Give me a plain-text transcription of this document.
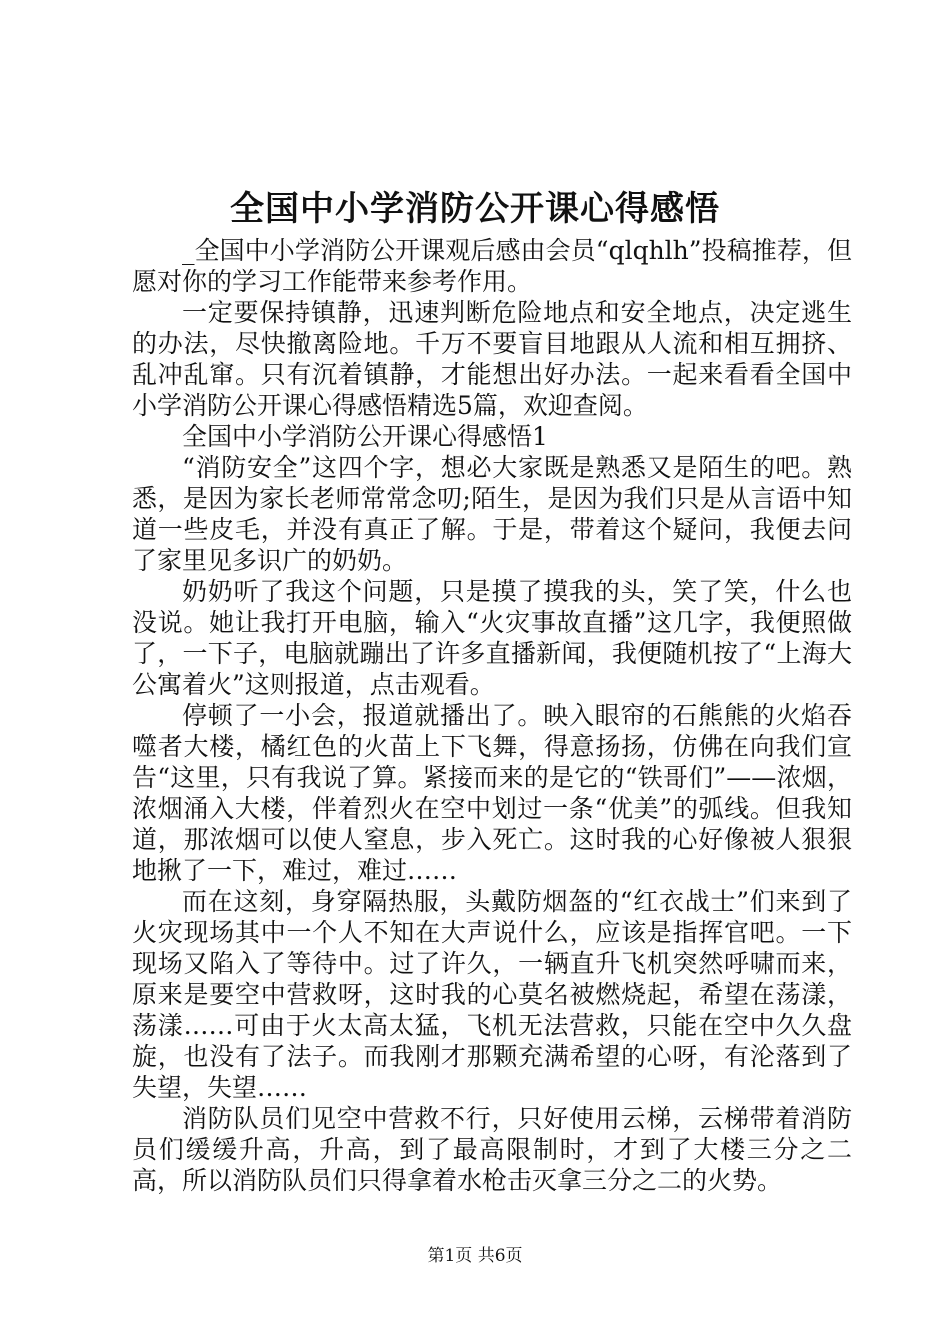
全国中小学消防公开课心得感悟

_全国中小学消防公开课观后感由会员“qlqhlh”投稿推荐，但愿对你的学习工作能带来参考作用。

一定要保持镇静，迅速判断危险地点和安全地点，决定逃生的办法，尽快撤离险地。千万不要盲目地跟从人流和相互拥挤、乱冲乱窜。只有沉着镇静，才能想出好办法。一起来看看全国中小学消防公开课心得感悟精选5篇，欢迎查阅。

全国中小学消防公开课心得感悟1

“消防安全”这四个字，想必大家既是熟悉又是陌生的吧。熟悉，是因为家长老师常常念叨;陌生，是因为我们只是从言语中知道一些皮毛，并没有真正了解。于是，带着这个疑问，我便去问了家里见多识广的奶奶。

奶奶听了我这个问题，只是摸了摸我的头，笑了笑，什么也没说。她让我打开电脑，输入“火灾事故直播”这几字，我便照做了，一下子，电脑就蹦出了许多直播新闻，我便随机按了“上海大公寓着火”这则报道，点击观看。

停顿了一小会，报道就播出了。映入眼帘的石熊熊的火焰吞噬者大楼，橘红色的火苗上下飞舞，得意扬扬，仿佛在向我们宣告“这里，只有我说了算。紧接而来的是它的“铁哥们”——浓烟，浓烟涌入大楼，伴着烈火在空中划过一条“优美”的弧线。但我知道，那浓烟可以使人窒息，步入死亡。这时我的心好像被人狠狠地揪了一下，难过，难过……

而在这刻，身穿隔热服，头戴防烟盔的“红衣战士”们来到了火灾现场其中一个人不知在大声说什么，应该是指挥官吧。一下现场又陷入了等待中。过了许久，一辆直升飞机突然呼啸而来，原来是要空中营救呀，这时我的心莫名被燃烧起，希望在荡漾，荡漾……可由于火太高太猛，飞机无法营救，只能在空中久久盘旋，也没有了法子。而我刚才那颗充满希望的心呀，有沦落到了失望，失望……

消防队员们见空中营救不行，只好使用云梯，云梯带着消防员们缓缓升高，升高，到了最高限制时，才到了大楼三分之二高，所以消防队员们只得拿着水枪击灭拿三分之二的火势。

第1页 共6页
